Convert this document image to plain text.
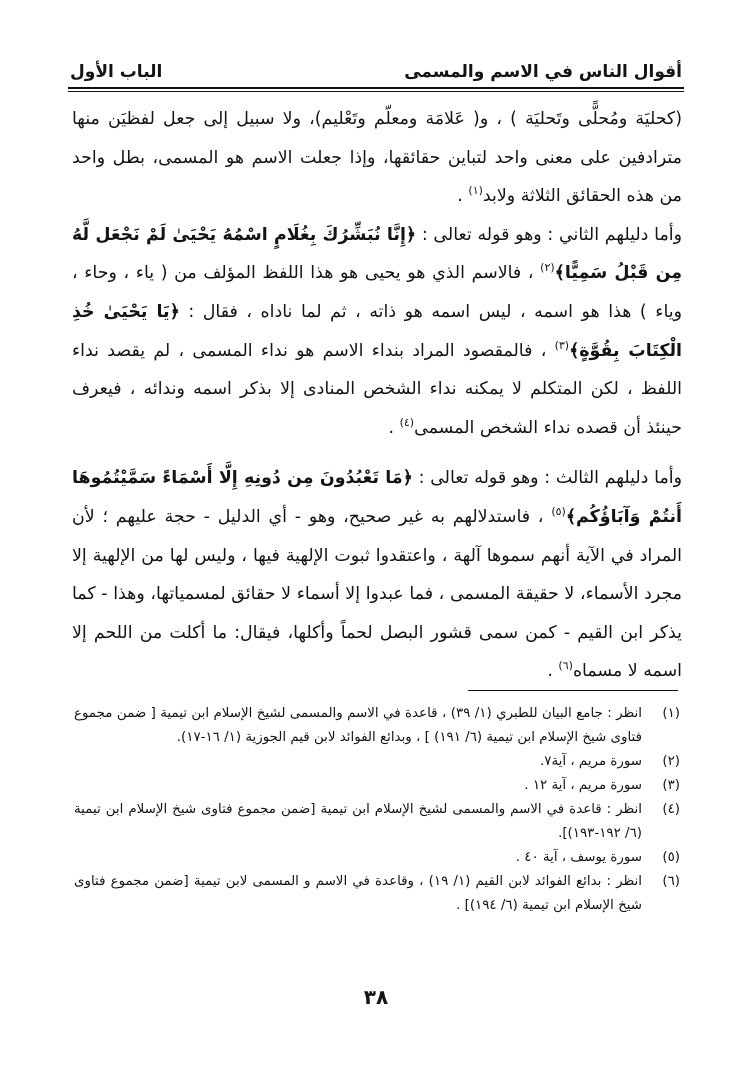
أقوال الناس في الاسم والمسمى
الباب الأول

(كحليَة ومُحلًّى وتَحليَة ) ، و( عَلامَة ومعلّم وتَعْليم)، ولا سبيل إلى جعل لفظيَن منها مترادفين على معنى واحد لتباين حقائقها، وإذا جعلت الاسم هو المسمى، بطل واحد من هذه الحقائق الثلاثة ولابد$^{(١)}$ .

وأما دليلهم الثاني : وهو قوله تعالى : ﴿إِنَّا نُبَشِّرُكَ بِغُلَامٍ اسْمُهُ يَحْيَىٰ لَمْ نَجْعَل لَّهُ مِن قَبْلُ سَمِيًّا﴾$^{(٢)}$ ، فالاسم الذي هو يحيى هو هذا اللفظ المؤلف من ( ياء ، وحاء ، وياء ) هذا هو اسمه ، ليس اسمه هو ذاته ، ثم لما ناداه ، فقال : ﴿يَا يَحْيَىٰ خُذِ الْكِتَابَ بِقُوَّةٍ﴾$^{(٣)}$ ، فالمقصود المراد بنداء الاسم هو نداء المسمى ، لم يقصد نداء اللفظ ، لكن المتكلم لا يمكنه نداء الشخص المنادى إلا بذكر اسمه وندائه ، فيعرف حينئذ أن قصده نداء الشخص المسمى$^{(٤)}$ .

وأما دليلهم الثالث : وهو قوله تعالى : ﴿مَا تَعْبُدُونَ مِن دُونِهِ إِلَّا أَسْمَاءً سَمَّيْتُمُوهَا أَنتُمْ وَآبَاؤُكُم﴾$^{(٥)}$ ، فاستدلالهم به غير صحيح، وهو - أي الدليل - حجة عليهم ؛ لأن المراد في الآية أنهم سموها آلهة ، واعتقدوا ثبوت الإلهية فيها ، وليس لها من الإلهية إلا مجرد الأسماء، لا حقيقة المسمى ، فما عبدوا إلا أسماء لا حقائق لمسمياتها، وهذا - كما يذكر ابن القيم - كمن سمى قشور البصل لحماً وأكلها، فيقال: ما أكلت من اللحم إلا اسمه لا مسماه$^{(٦)}$ .

(١)
انظر : جامع البيان للطبري (١/ ٣٩) ، قاعدة في الاسم والمسمى لشيخ الإسلام ابن تيمية [ ضمن مجموع فتاوى شيخ الإسلام ابن تيمية (٦/ ١٩١) ] ، وبدائع الفوائد لابن قيم الجوزية (١/ ١٦-١٧).
(٢)
سورة مريم ، آية٧.
(٣)
سورة مريم ، آية ١٢ .
(٤)
انظر : قاعدة في الاسم والمسمى لشيخ الإسلام ابن تيمية [ضمن مجموع فتاوى شيخ الإسلام ابن تيمية (٦/ ١٩٢-١٩٣)].
(٥)
سورة يوسف ، آية ٤٠ .
(٦)
انظر : بدائع الفوائد لابن القيم (١/ ١٩) ، وقاعدة في الاسم و المسمى لابن تيمية [ضمن مجموع فتاوى شيخ الإسلام ابن تيمية (٦/ ١٩٤)] .
٣٨
